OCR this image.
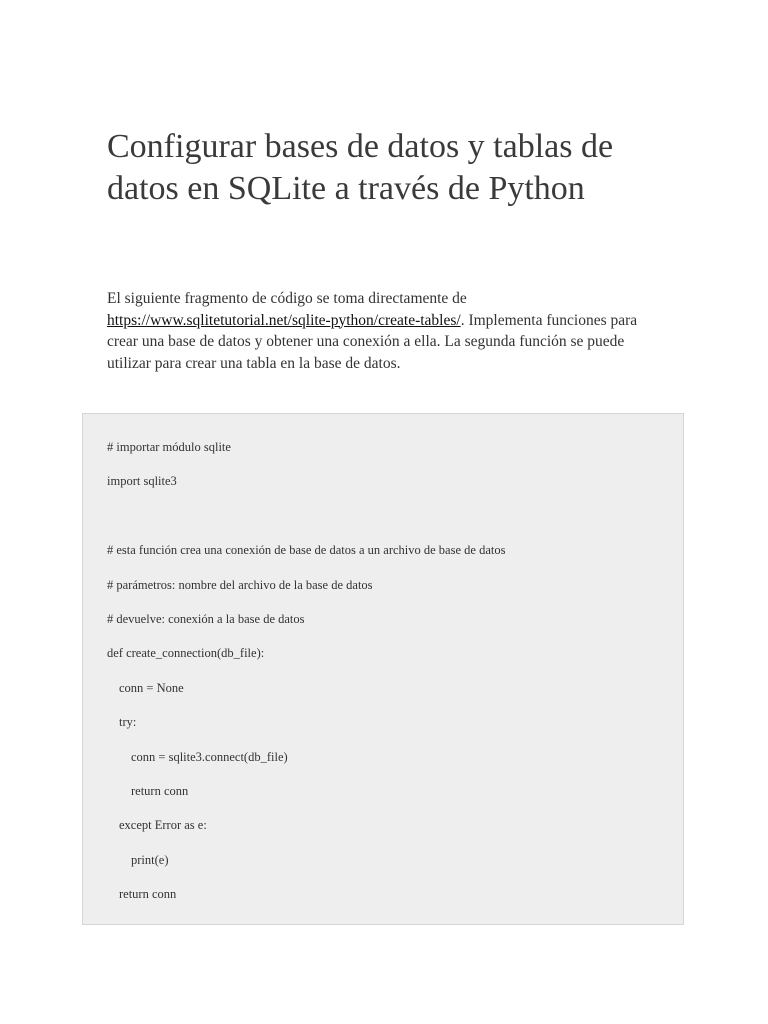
Configurar bases de datos y tablas de datos en SQLite a través de Python

El siguiente fragmento de código se toma directamente de https://www.sqlitetutorial.net/sqlite-python/create-tables/. Implementa funciones para crear una base de datos y obtener una conexión a ella. La segunda función se puede utilizar para crear una tabla en la base de datos.

# importar módulo sqlite
import sqlite3
# esta función crea una conexión de base de datos a un archivo de base de datos
# parámetros: nombre del archivo de la base de datos
# devuelve: conexión a la base de datos
def create_connection(db_file):
conn = None
try:
conn = sqlite3.connect(db_file)
return conn
except Error as e:
print(e)
return conn
